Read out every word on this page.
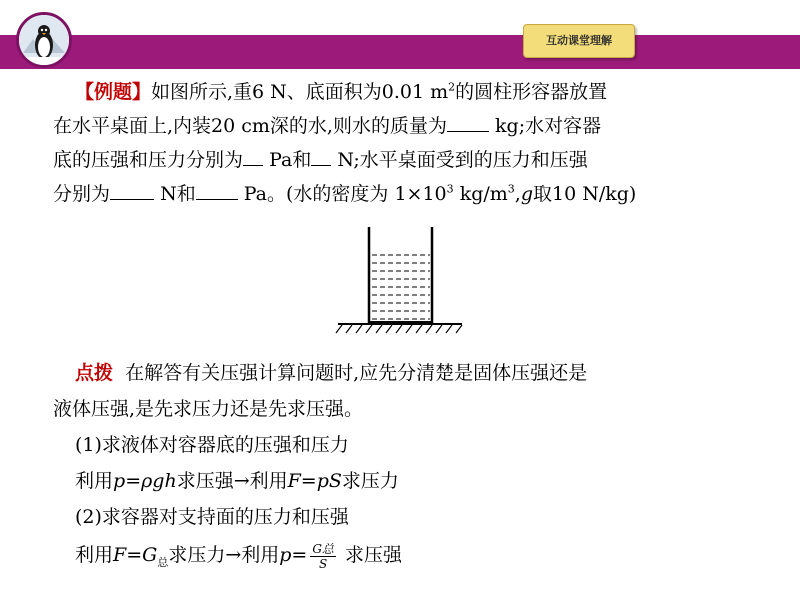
互动课堂理解
【例题】如图所示,重6 N、底面积为0.01 $m^2$的圆柱形容器放置
在水平桌面上,内装20 cm深的水,则水的质量为	kg;水对容器
底的压强和压力分别为 Pa和 N;水平桌面受到的压力和压强
分别为	N和	Pa。(水的密度为 $1\times 10^3$ $kg/m^3,g$取10 N/kg)
点拨 在解答有关压强计算问题时,应先分清楚是固体压强还是
液体压强,是先求压力还是先求压强。
(1)求液体对容器底的压强和压力
利用p=ρgh求压强→利用F=pS求压力
(2)求容器对支持面的压力和压强
利用$F=G_总$求压力→利用$p= \frac{\text{G总}}{S}$ 求压强
